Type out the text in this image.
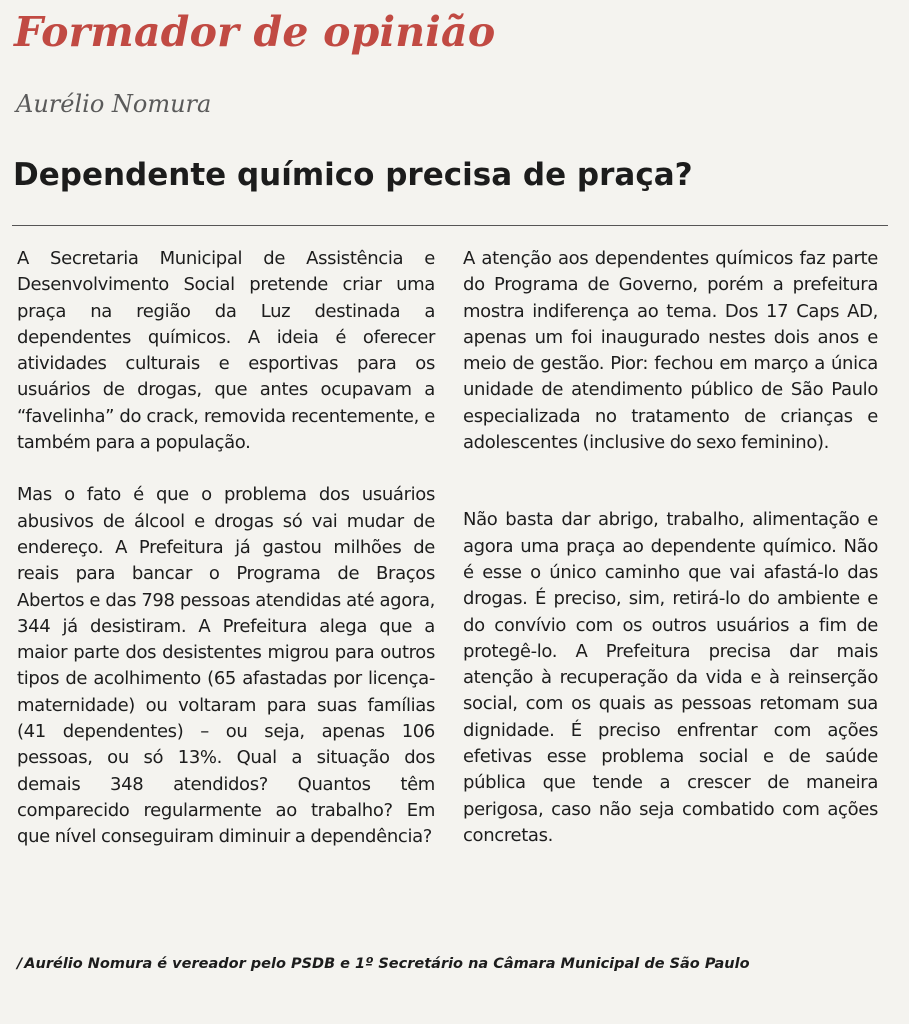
Formador de opinião
Aurélio Nomura
Dependente químico precisa de praça?

A Secretaria Municipal de Assistência e Desenvolvimento Social pretende criar uma praça na região da Luz destinada a dependentes químicos. A ideia é oferecer atividades culturais e esportivas para os usuários de drogas, que antes ocupavam a “favelinha” do crack, removida recentemente, e também para a população.

Mas o fato é que o problema dos usuários abusivos de álcool e drogas só vai mudar de endereço. A Prefeitura já gastou milhões de reais para bancar o Programa de Braços Abertos e das 798 pessoas atendidas até agora, 344 já desistiram. A Prefeitura alega que a maior parte dos desistentes migrou para outros tipos de acolhimento (65 afastadas por licença-maternidade) ou voltaram para suas famílias (41 dependentes) – ou seja, apenas 106 pessoas, ou só 13%. Qual a situação dos demais 348 atendidos? Quantos têm comparecido regularmente ao trabalho? Em que nível conseguiram diminuir a dependência?

A atenção aos dependentes químicos faz parte do Programa de Governo, porém a prefeitura mostra indiferença ao tema. Dos 17 Caps AD, apenas um foi inaugurado nestes dois anos e meio de gestão. Pior: fechou em março a única unidade de atendimento público de São Paulo especializada no tratamento de crianças e adolescentes (inclusive do sexo feminino).

Não basta dar abrigo, trabalho, alimentação e agora uma praça ao dependente químico. Não é esse o único caminho que vai afastá-lo das drogas. É preciso, sim, retirá-lo do ambiente e do convívio com os outros usuários a fim de protegê-lo. A Prefeitura precisa dar mais atenção à recuperação da vida e à reinserção social, com os quais as pessoas retomam sua dignidade. É preciso enfrentar com ações efetivas esse problema social e de saúde pública que tende a crescer de maneira perigosa, caso não seja combatido com ações concretas.

/ Aurélio Nomura é vereador pelo PSDB e 1º Secretário na Câmara Municipal de São Paulo
